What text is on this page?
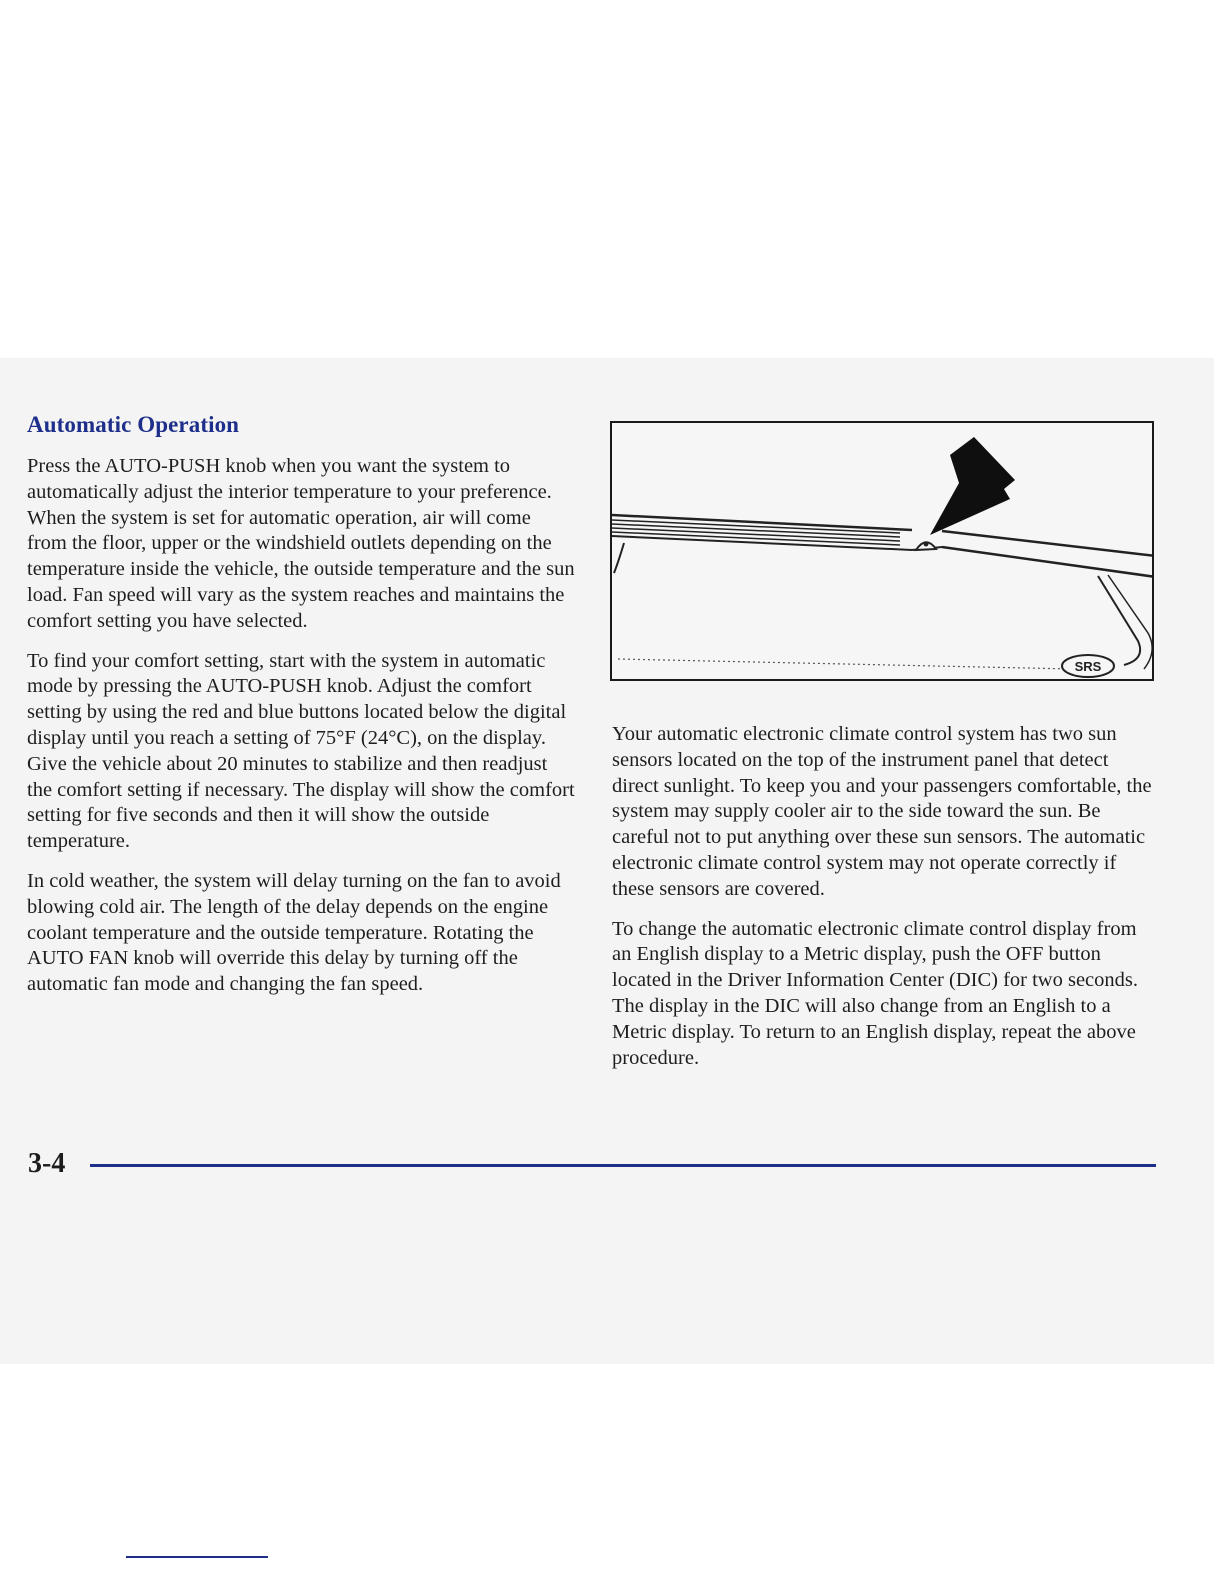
Automatic Operation

Press the AUTO-PUSH knob when you want the system to automatically adjust the interior temperature to your preference. When the system is set for automatic operation, air will come from the floor, upper or the windshield outlets depending on the temperature inside the vehicle, the outside temperature and the sun load. Fan speed will vary as the system reaches and maintains the comfort setting you have selected.

To find your comfort setting, start with the system in automatic mode by pressing the AUTO-PUSH knob. Adjust the comfort setting by using the red and blue buttons located below the digital display until you reach a setting of 75°F (24°C), on the display. Give the vehicle about 20 minutes to stabilize and then readjust the comfort setting if necessary. The display will show the comfort setting for five seconds and then it will show the outside temperature.

In cold weather, the system will delay turning on the fan to avoid blowing cold air. The length of the delay depends on the engine coolant temperature and the outside temperature. Rotating the AUTO FAN knob will override this delay by turning off the automatic fan mode and changing the fan speed.

SRS

Your automatic electronic climate control system has two sun sensors located on the top of the instrument panel that detect direct sunlight. To keep you and your passengers comfortable, the system may supply cooler air to the side toward the sun. Be careful not to put anything over these sun sensors. The automatic electronic climate control system may not operate correctly if these sensors are covered.

To change the automatic electronic climate control display from an English display to a Metric display, push the OFF button located in the Driver Information Center (DIC) for two seconds. The display in the DIC will also change from an English to a Metric display. To return to an English display, repeat the above procedure.

3-4
